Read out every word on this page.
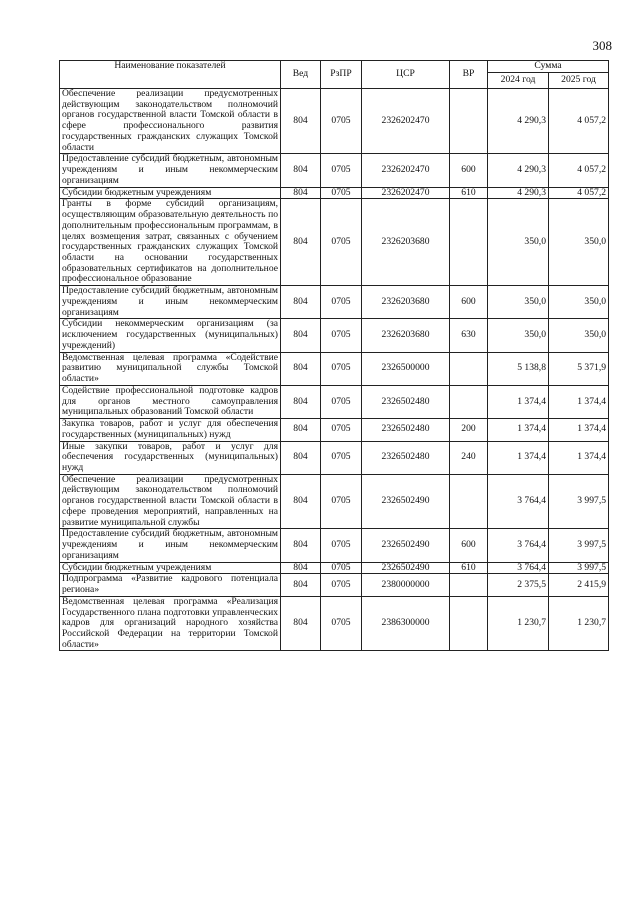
308
Наименование показателей	Вед	РзПР	ЦСР	ВР	Сумма	
					2024 год	2025 год
Обеспечение реализации предусмотренных действующим законодательством полномочий органов государственной власти Томской области в сфере профессионального развития государственных гражданских служащих Томской области	804	0705	2326202470		4 290,3	4 057,2
Предоставление субсидий бюджетным, автономным учреждениям и иным некоммерческим организациям	804	0705	2326202470	600	4 290,3	4 057,2
Субсидии бюджетным учреждениям	804	0705	2326202470	610	4 290,3	4 057,2
Гранты в форме субсидий организациям, осуществляющим образовательную деятельность по дополнительным профессиональным программам, в целях возмещения затрат, связанных с обучением государственных гражданских служащих Томской области на основании государственных образовательных сертификатов на дополнительное профессиональное образование	804	0705	2326203680		350,0	350,0
Предоставление субсидий бюджетным, автономным учреждениям и иным некоммерческим организациям	804	0705	2326203680	600	350,0	350,0
Субсидии некоммерческим организациям (за исключением государственных (муниципальных) учреждений)	804	0705	2326203680	630	350,0	350,0
Ведомственная целевая программа «Содействие развитию муниципальной службы Томской области»	804	0705	2326500000		5 138,8	5 371,9
Содействие профессиональной подготовке кадров для органов местного самоуправления муниципальных образований Томской области	804	0705	2326502480		1 374,4	1 374,4
Закупка товаров, работ и услуг для обеспечения государственных (муниципальных) нужд	804	0705	2326502480	200	1 374,4	1 374,4
Иные закупки товаров, работ и услуг для обеспечения государственных (муниципальных) нужд	804	0705	2326502480	240	1 374,4	1 374,4
Обеспечение реализации предусмотренных действующим законодательством полномочий органов государственной власти Томской области в сфере проведения мероприятий, направленных на развитие муниципальной службы	804	0705	2326502490		3 764,4	3 997,5
Предоставление субсидий бюджетным, автономным учреждениям и иным некоммерческим организациям	804	0705	2326502490	600	3 764,4	3 997,5
Субсидии бюджетным учреждениям	804	0705	2326502490	610	3 764,4	3 997,5
Подпрограмма «Развитие кадрового потенциала региона»	804	0705	2380000000		2 375,5	2 415,9
Ведомственная целевая программа «Реализация Государственного плана подготовки управленческих кадров для организаций народного хозяйства Российской Федерации на территории Томской области»	804	0705	2386300000		1 230,7	1 230,7
